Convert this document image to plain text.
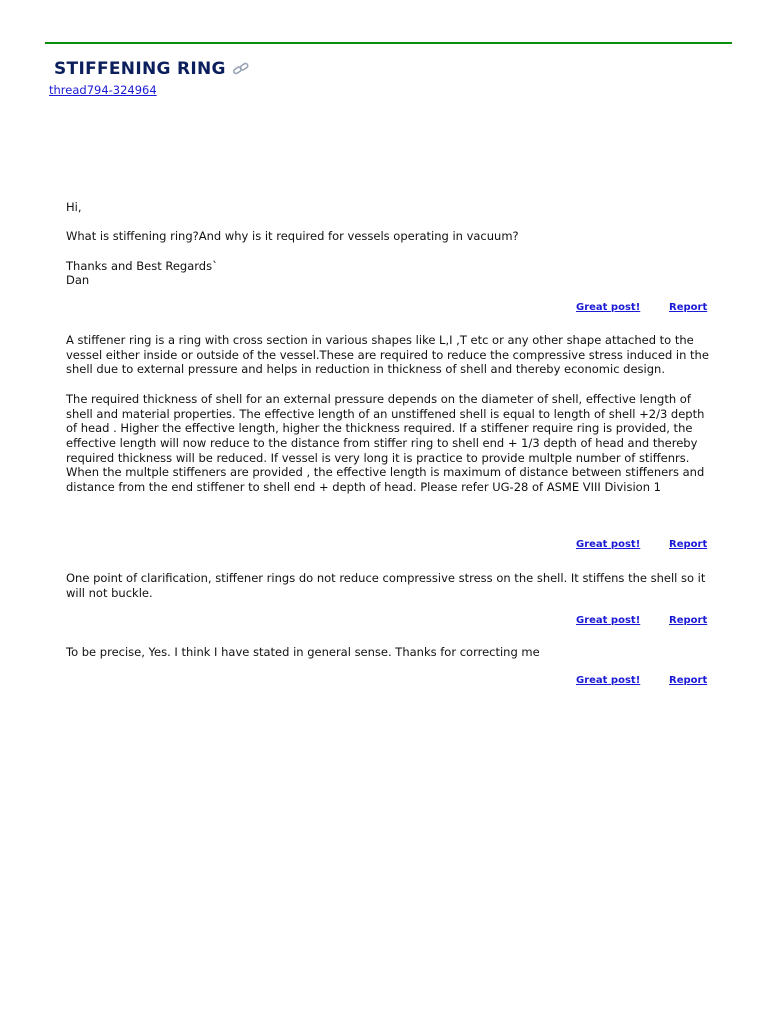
STIFFENING RING
thread794-324964

Hi,

What is stiffening ring?And why is it required for vessels operating in vacuum?

Thanks and Best Regards`

Dan

Great post!	Report

A stiffener ring is a ring with cross section in various shapes like L,I ,T etc or any other shape attached to the vessel either inside or outside of the vessel.These are required to reduce the compressive stress induced in the shell due to external pressure and helps in reduction in thickness of shell and thereby economic design.

The required thickness of shell for an external pressure depends on the diameter of shell, effective length of shell and material properties. The effective length of an unstiffened shell is equal to length of shell +2/3 depth of head . Higher the effective length, higher the thickness required. If a stiffener require ring is provided, the effective length will now reduce to the distance from stiffer ring to shell end + 1/3 depth of head and thereby required thickness will be reduced. If vessel is very long it is practice to provide multple number of stiffenrs. When the multple stiffeners are provided , the effective length is maximum of distance between stiffeners and distance from the end stiffener to shell end + depth of head. Please refer UG-28 of ASME VIII Division 1

Great post!	Report

One point of clarification, stiffener rings do not reduce compressive stress on the shell. It stiffens the shell so it will not buckle.

Great post!	Report

To be precise, Yes. I think I have stated in general sense. Thanks for correcting me

Great post!	Report
